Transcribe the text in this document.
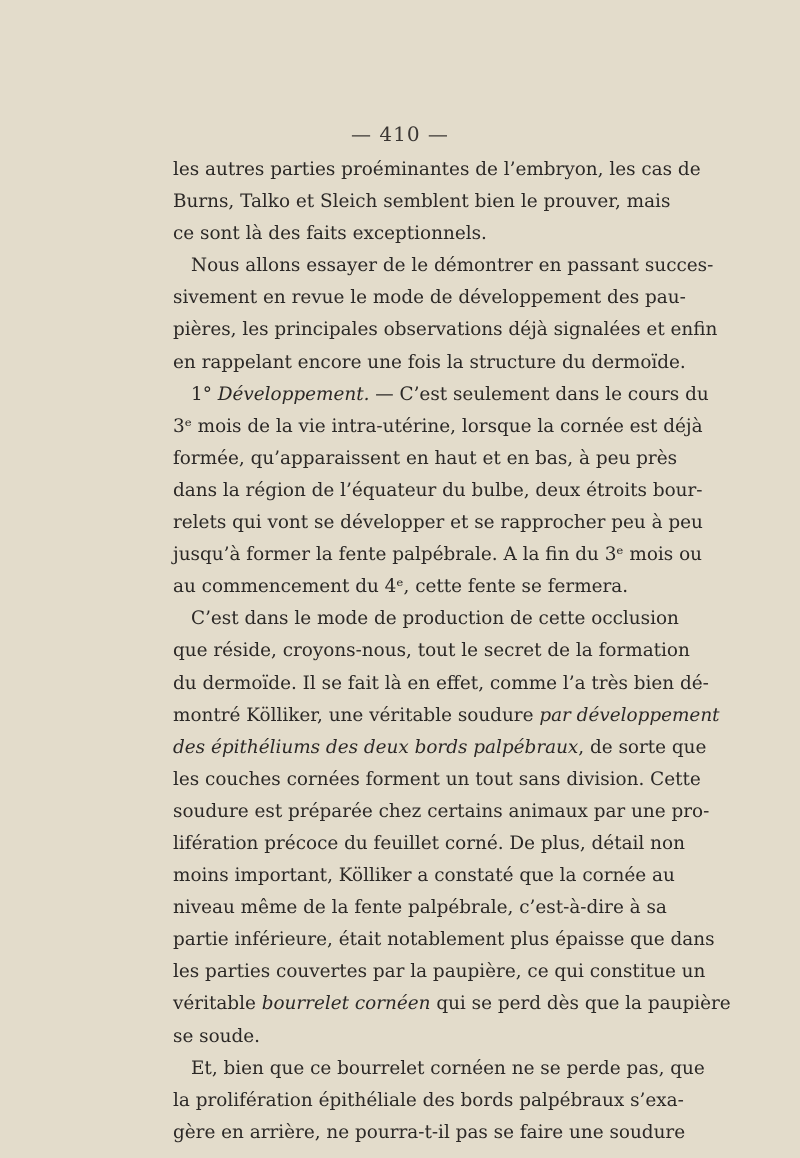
— 410 —
les autres parties proéminantes de l’embryon, les cas de
Burns, Talko et Sleich semblent bien le prouver, mais
ce sont là des faits exceptionnels.
Nous allons essayer de le démontrer en passant succes-
sivement en revue le mode de développement des pau-
pières, les principales observations déjà signalées et enfin
en rappelant encore une fois la structure du dermoïde.
1° Développement. — C’est seulement dans le cours du
3ᵉ mois de la vie intra-utérine, lorsque la cornée est déjà
formée, qu’apparaissent en haut et en bas, à peu près
dans la région de l’équateur du bulbe, deux étroits bour-
relets qui vont se développer et se rapprocher peu à peu
jusqu’à former la fente palpébrale. A la fin du 3ᵉ mois ou
au commencement du 4ᵉ, cette fente se fermera.
C’est dans le mode de production de cette occlusion
que réside, croyons-nous, tout le secret de la formation
du dermoïde. Il se fait là en effet, comme l’a très bien dé-
montré Kölliker, une véritable soudure par développement
des épithéliums des deux bords palpébraux, de sorte que
les couches cornées forment un tout sans division. Cette
soudure est préparée chez certains animaux par une pro-
lifération précoce du feuillet corné. De plus, détail non
moins important, Kölliker a constaté que la cornée au
niveau même de la fente palpébrale, c’est-à-dire à sa
partie inférieure, était notablement plus épaisse que dans
les parties couvertes par la paupière, ce qui constitue un
véritable bourrelet cornéen qui se perd dès que la paupière
se soude.
Et, bien que ce bourrelet cornéen ne se perde pas, que
la prolifération épithéliale des bords palpébraux s’exa-
gère en arrière, ne pourra-t-il pas se faire une soudure
